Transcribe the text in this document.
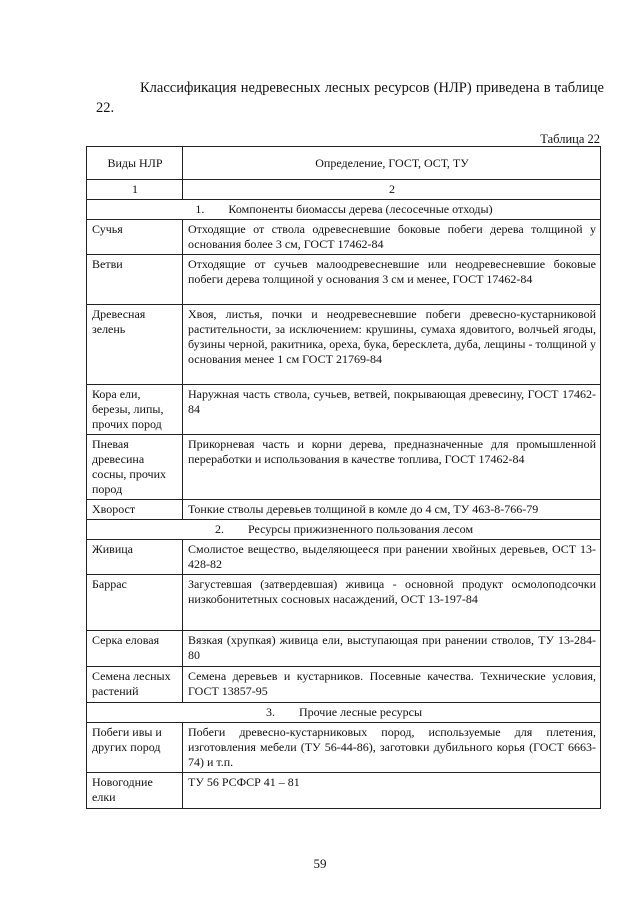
Классификация недревесных лесных ресурсов (НЛР) приведена в таблице 22.

Таблица 22
Виды НЛР	Определение, ГОСТ, ОСТ, ТУ
1	2
1. Компоненты биомассы дерева (лесосечные отходы)	
Сучья	Отходящие от ствола одревесневшие боковые побеги дерева толщиной у основания более 3 см, ГОСТ 17462-84
Ветви	Отходящие от сучьев малоодревесневшие или неодревесневшие боковые побеги дерева толщиной у основания 3 см и менее, ГОСТ 17462-84
Древесная зелень	Хвоя, листья, почки и неодревесневшие побеги древесно-кустарниковой растительности, за исключением: крушины, сумаха ядовитого, волчьей ягоды, бузины черной, ракитника, ореха, бука, бересклета, дуба, лещины - толщиной у основания менее 1 см ГОСТ 21769-84
Кора ели, березы, липы, прочих пород	Наружная часть ствола, сучьев, ветвей, покрывающая древесину, ГОСТ 17462-84
Пневая древесина сосны, прочих пород	Прикорневая часть и корни дерева, предназначенные для промышленной переработки и использования в качестве топлива, ГОСТ 17462-84
Хворост	Тонкие стволы деревьев толщиной в комле до 4 см, ТУ 463-8-766-79
2. Ресурсы прижизненного пользования лесом	
Живица	Смолистое вещество, выделяющееся при ранении хвойных деревьев, ОСТ 13-428-82
Баррас	Загустевшая (затвердевшая) живица - основной продукт осмолоподсочки низкобонитетных сосновых насаждений, ОСТ 13-197-84
Серка еловая	Вязкая (хрупкая) живица ели, выступающая при ранении стволов, ТУ 13-284-80
Семена лесных растений	Семена деревьев и кустарников. Посевные качества. Технические условия, ГОСТ 13857-95
3. Прочие лесные ресурсы	
Побеги ивы и других пород	Побеги древесно-кустарниковых пород, используемые для плетения, изготовления мебели (ТУ 56-44-86), заготовки дубильного корья (ГОСТ 6663-74) и т.п.
Новогодние елки	ТУ 56 РСФСР 41 – 81
59
